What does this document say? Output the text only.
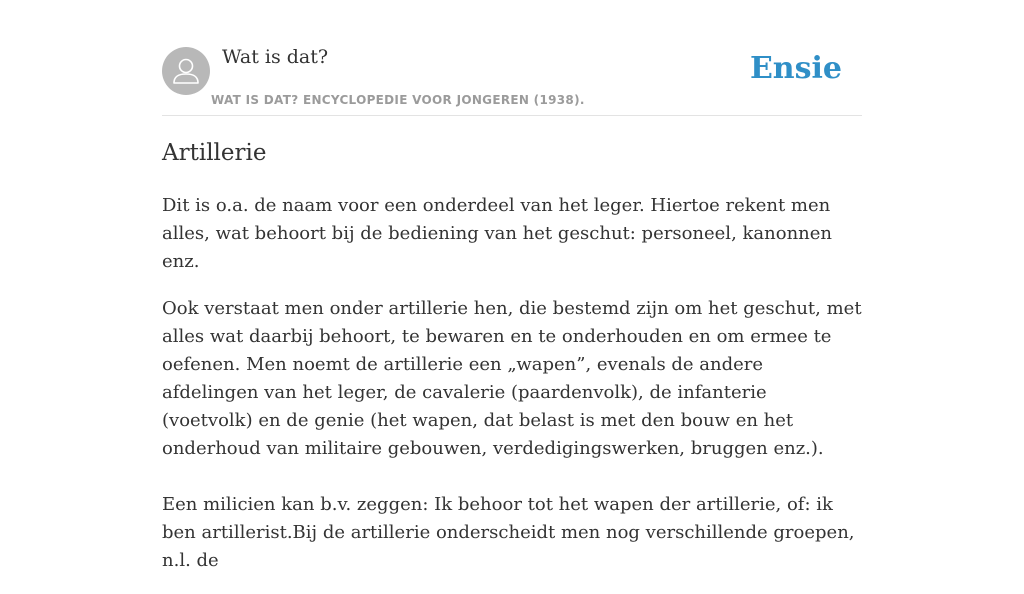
Wat is dat?
WAT IS DAT? ENCYCLOPEDIE VOOR JONGEREN (1938).
Ensie
Artillerie

Dit is o.a. de naam voor een onderdeel van het leger. Hiertoe rekent men alles, wat behoort bij de bediening van het geschut: personeel, kanonnen enz.

Ook verstaat men onder artillerie hen, die bestemd zijn om het geschut, met alles wat daarbij behoort, te bewaren en te onderhouden en om ermee te oefenen. Men noemt de artillerie een „wapen”, evenals de andere afdelingen van het leger, de cavalerie (paardenvolk), de infanterie (voetvolk) en de genie (het wapen, dat belast is met den bouw en het onderhoud van militaire gebouwen, verdedigingswerken, bruggen enz.).

Een milicien kan b.v. zeggen: Ik behoor tot het wapen der artillerie, of: ik ben artillerist.Bij de artillerie onderscheidt men nog verschillende groepen, n.l. de
